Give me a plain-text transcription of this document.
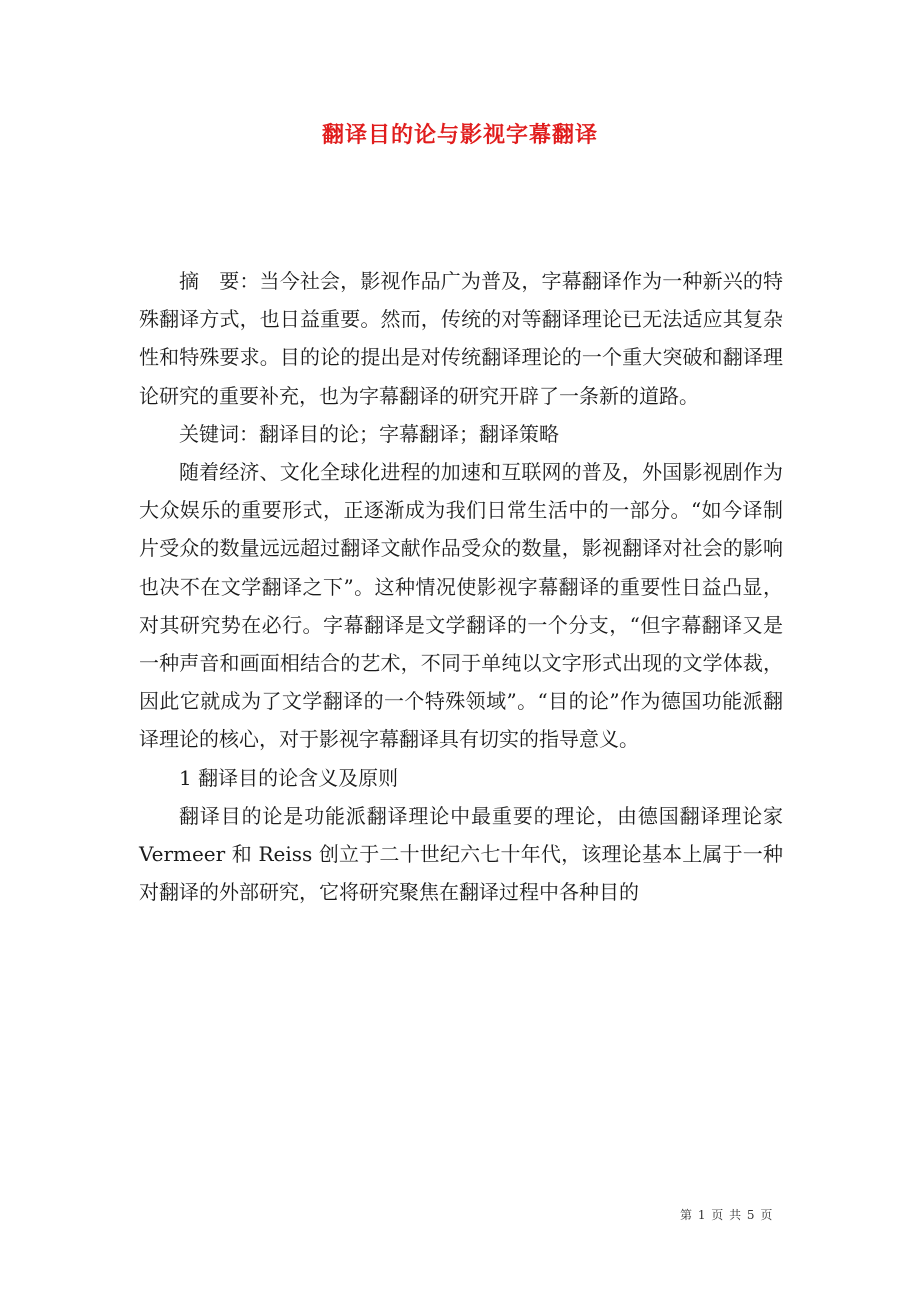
翻译目的论与影视字幕翻译

摘　要：当今社会，影视作品广为普及，字幕翻译作为一种新兴的特殊翻译方式，也日益重要。然而，传统的对等翻译理论已无法适应其复杂性和特殊要求。目的论的提出是对传统翻译理论的一个重大突破和翻译理论研究的重要补充，也为字幕翻译的研究开辟了一条新的道路。

关键词：翻译目的论；字幕翻译；翻译策略

随着经济、文化全球化进程的加速和互联网的普及，外国影视剧作为大众娱乐的重要形式，正逐渐成为我们日常生活中的一部分。“如今译制片受众的数量远远超过翻译文献作品受众的数量，影视翻译对社会的影响也决不在文学翻译之下”。这种情况使影视字幕翻译的重要性日益凸显，对其研究势在必行。字幕翻译是文学翻译的一个分支，“但字幕翻译又是一种声音和画面相结合的艺术，不同于单纯以文字形式出现的文学体裁，因此它就成为了文学翻译的一个特殊领域”。“目的论”作为德国功能派翻译理论的核心，对于影视字幕翻译具有切实的指导意义。

1 翻译目的论含义及原则

翻译目的论是功能派翻译理论中最重要的理论，由德国翻译理论家 Vermeer 和 Reiss 创立于二十世纪六七十年代，该理论基本上属于一种对翻译的外部研究，它将研究聚焦在翻译过程中各种目的

第 1 页 共 5 页
